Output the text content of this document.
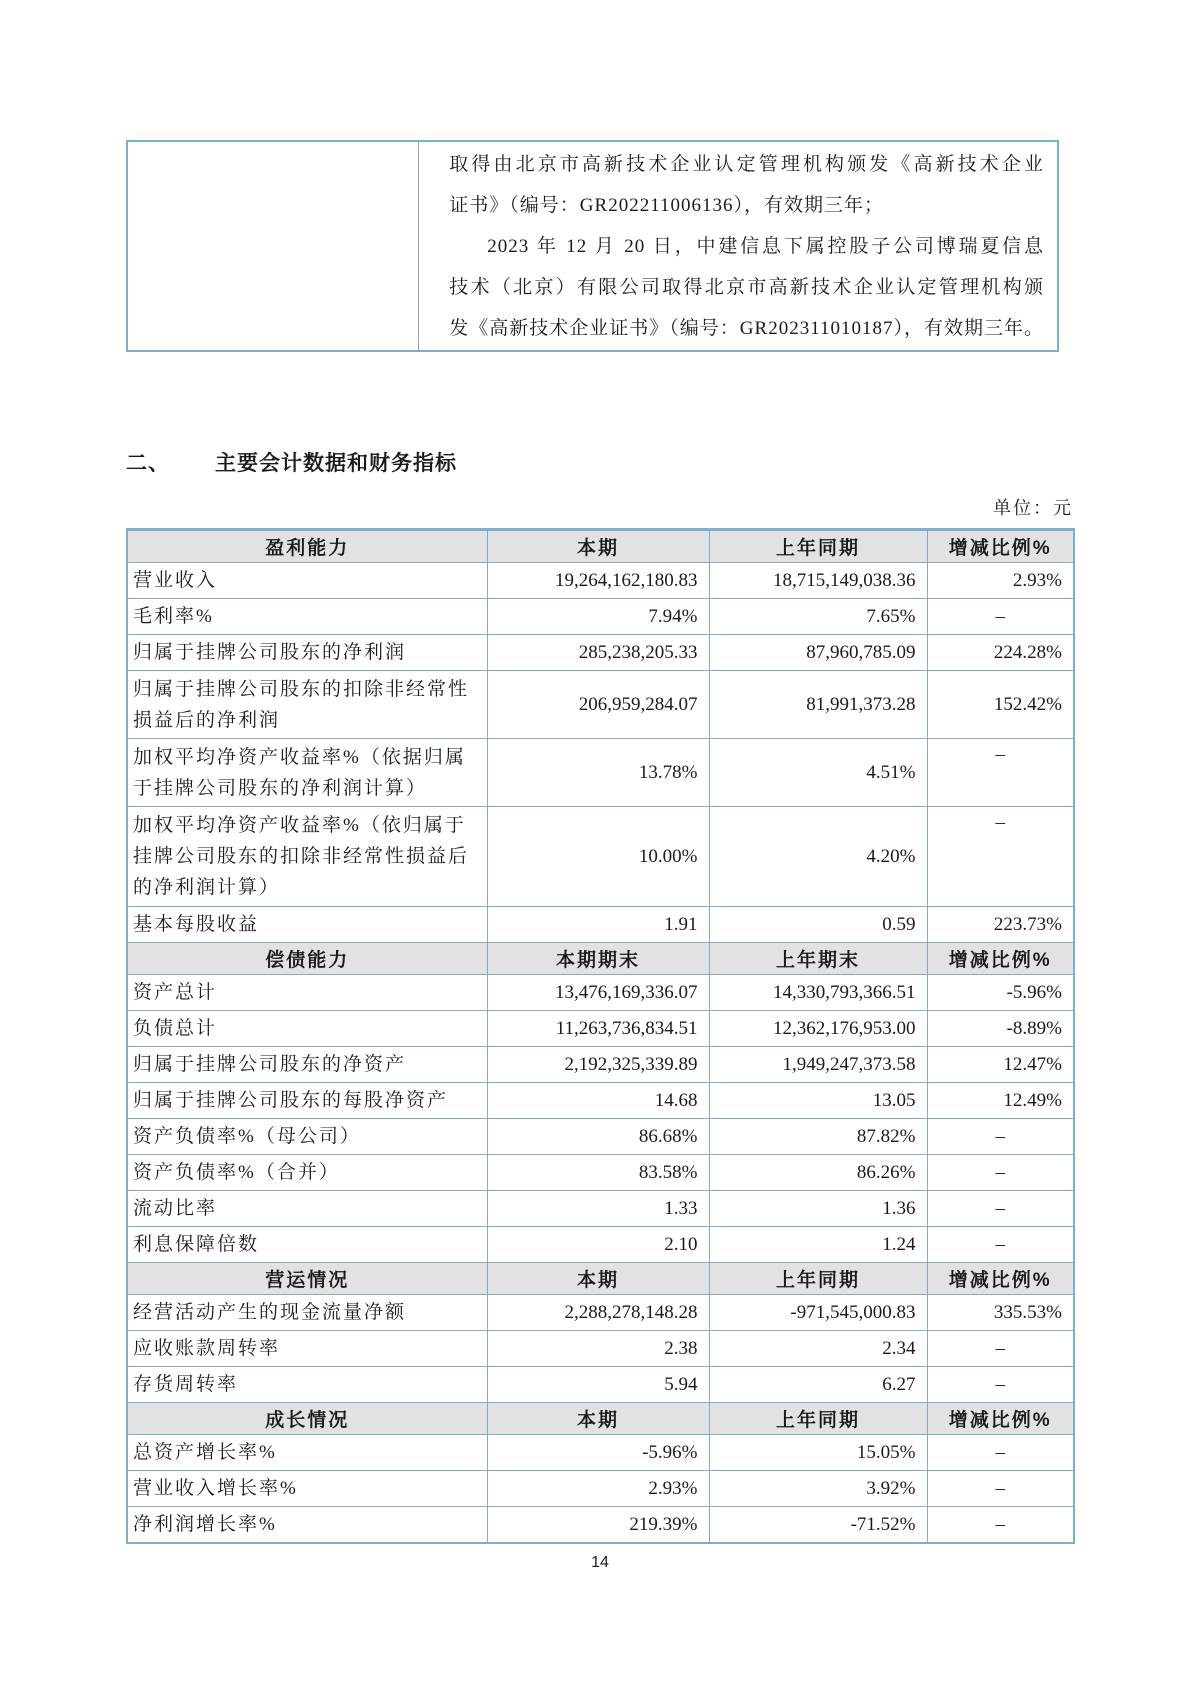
取得由北京市高新技术企业认定管理机构颁发《高新技术企业
证书》（编号：GR202211006136），有效期三年；
2023 年 12 月 20 日，中建信息下属控股子公司博瑞夏信息
技术（北京）有限公司取得北京市高新技术企业认定管理机构颁
发《高新技术企业证书》（编号：GR202311010187），有效期三年。
二、 主要会计数据和财务指标
单位：元
盈利能力	本期	上年同期	增减比例%
营业收入	19,264,162,180.83	18,715,149,038.36	2.93%
毛利率%	7.94%	7.65%	–
归属于挂牌公司股东的净利润	285,238,205.33	87,960,785.09	224.28%
归属于挂牌公司股东的扣除非经常性损益后的净利润	206,959,284.07	81,991,373.28	152.42%
加权平均净资产收益率%（依据归属于挂牌公司股东的净利润计算）	13.78%	4.51%	–
加权平均净资产收益率%（依归属于挂牌公司股东的扣除非经常性损益后的净利润计算）	10.00%	4.20%	–
基本每股收益	1.91	0.59	223.73%
偿债能力	本期期末	上年期末	增减比例%
资产总计	13,476,169,336.07	14,330,793,366.51	-5.96%
负债总计	11,263,736,834.51	12,362,176,953.00	-8.89%
归属于挂牌公司股东的净资产	2,192,325,339.89	1,949,247,373.58	12.47%
归属于挂牌公司股东的每股净资产	14.68	13.05	12.49%
资产负债率%（母公司）	86.68%	87.82%	–
资产负债率%（合并）	83.58%	86.26%	–
流动比率	1.33	1.36	–
利息保障倍数	2.10	1.24	–
营运情况	本期	上年同期	增减比例%
经营活动产生的现金流量净额	2,288,278,148.28	-971,545,000.83	335.53%
应收账款周转率	2.38	2.34	–
存货周转率	5.94	6.27	–
成长情况	本期	上年同期	增减比例%
总资产增长率%	-5.96%	15.05%	–
营业收入增长率%	2.93%	3.92%	–
净利润增长率%	219.39%	-71.52%	–
14
